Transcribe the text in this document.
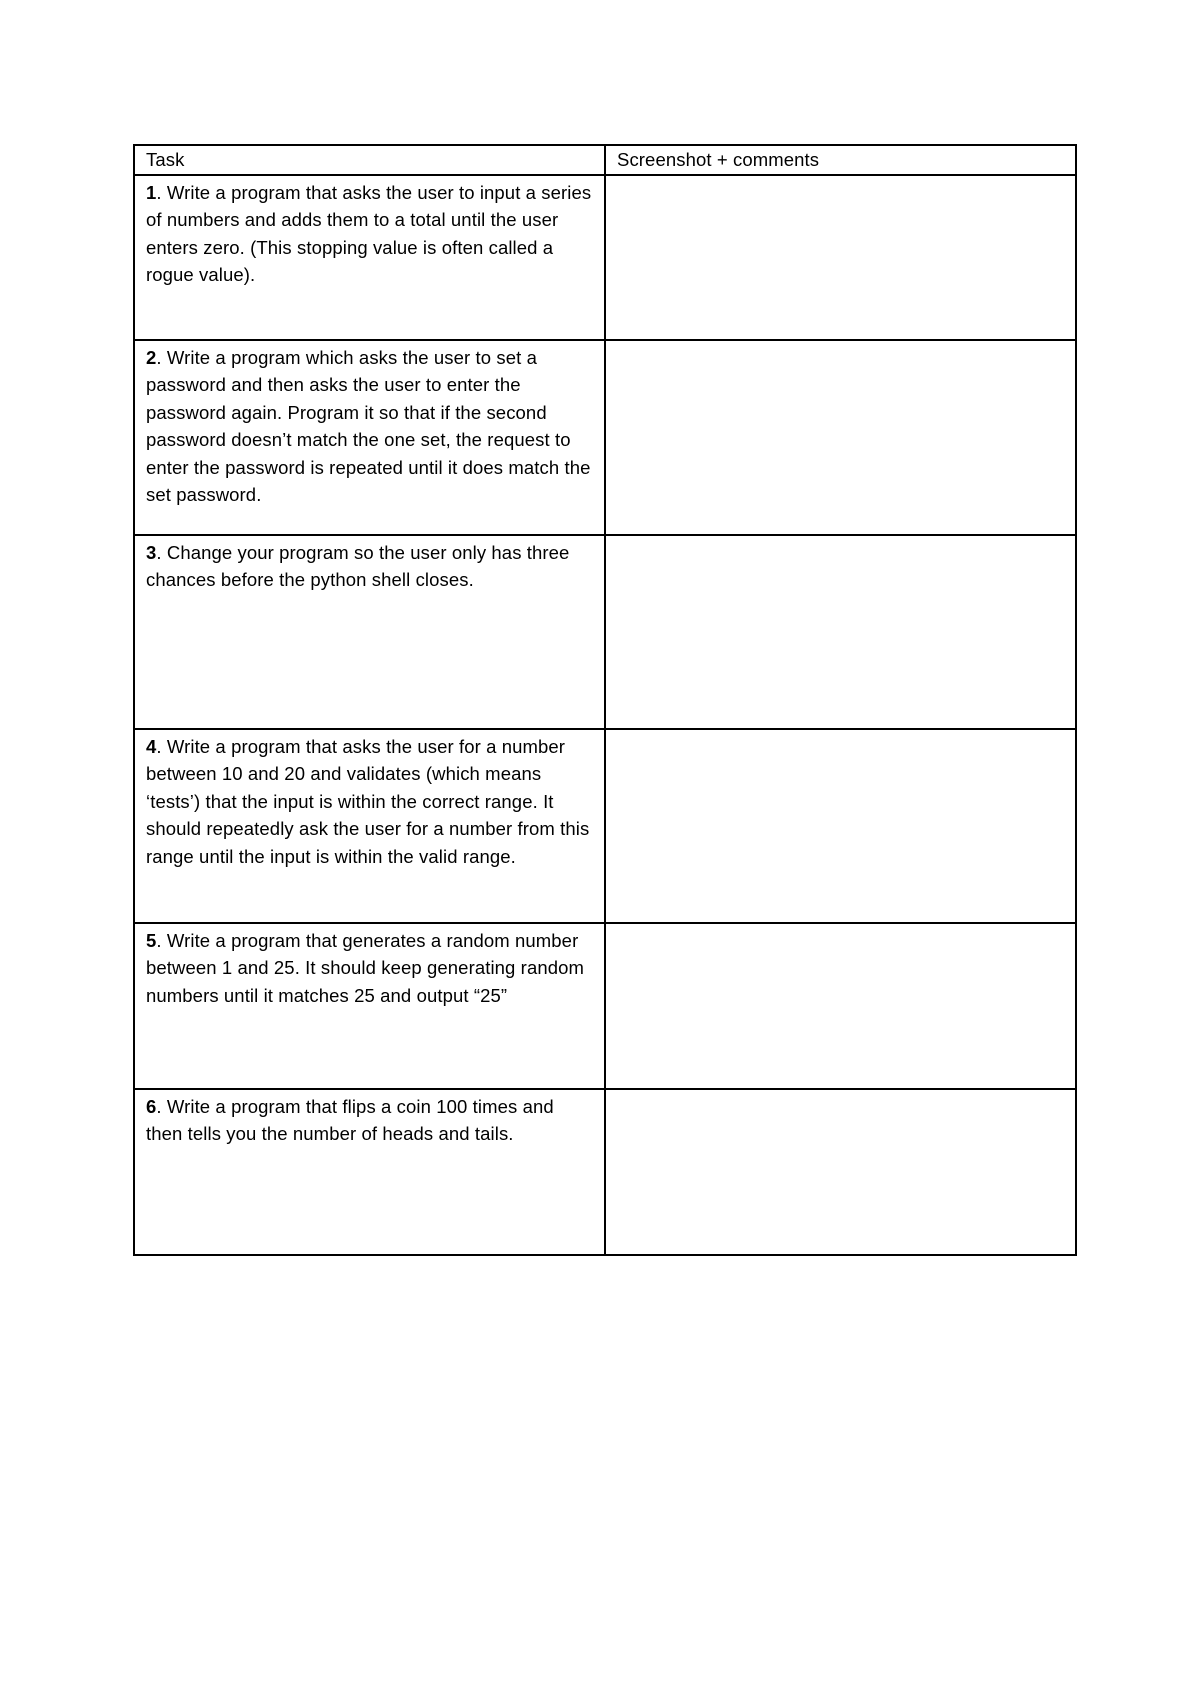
Task	Screenshot + comments
1. Write a program that asks the user to input a series of numbers and adds them to a total until the user enters zero. (This stopping value is often called a rogue value).	
2. Write a program which asks the user to set a password and then asks the user to enter the password again. Program it so that if the second password doesn’t match the one set, the request to enter the password is repeated until it does match the set password.	
3. Change your program so the user only has three chances before the python shell closes.	
4. Write a program that asks the user for a number between 10 and 20 and validates (which means ‘tests’) that the input is within the correct range. It should repeatedly ask the user for a number from this range until the input is within the valid range.	
5. Write a program that generates a random number between 1 and 25. It should keep generating random numbers until it matches 25 and output “25”	
6. Write a program that flips a coin 100 times and then tells you the number of heads and tails.	
